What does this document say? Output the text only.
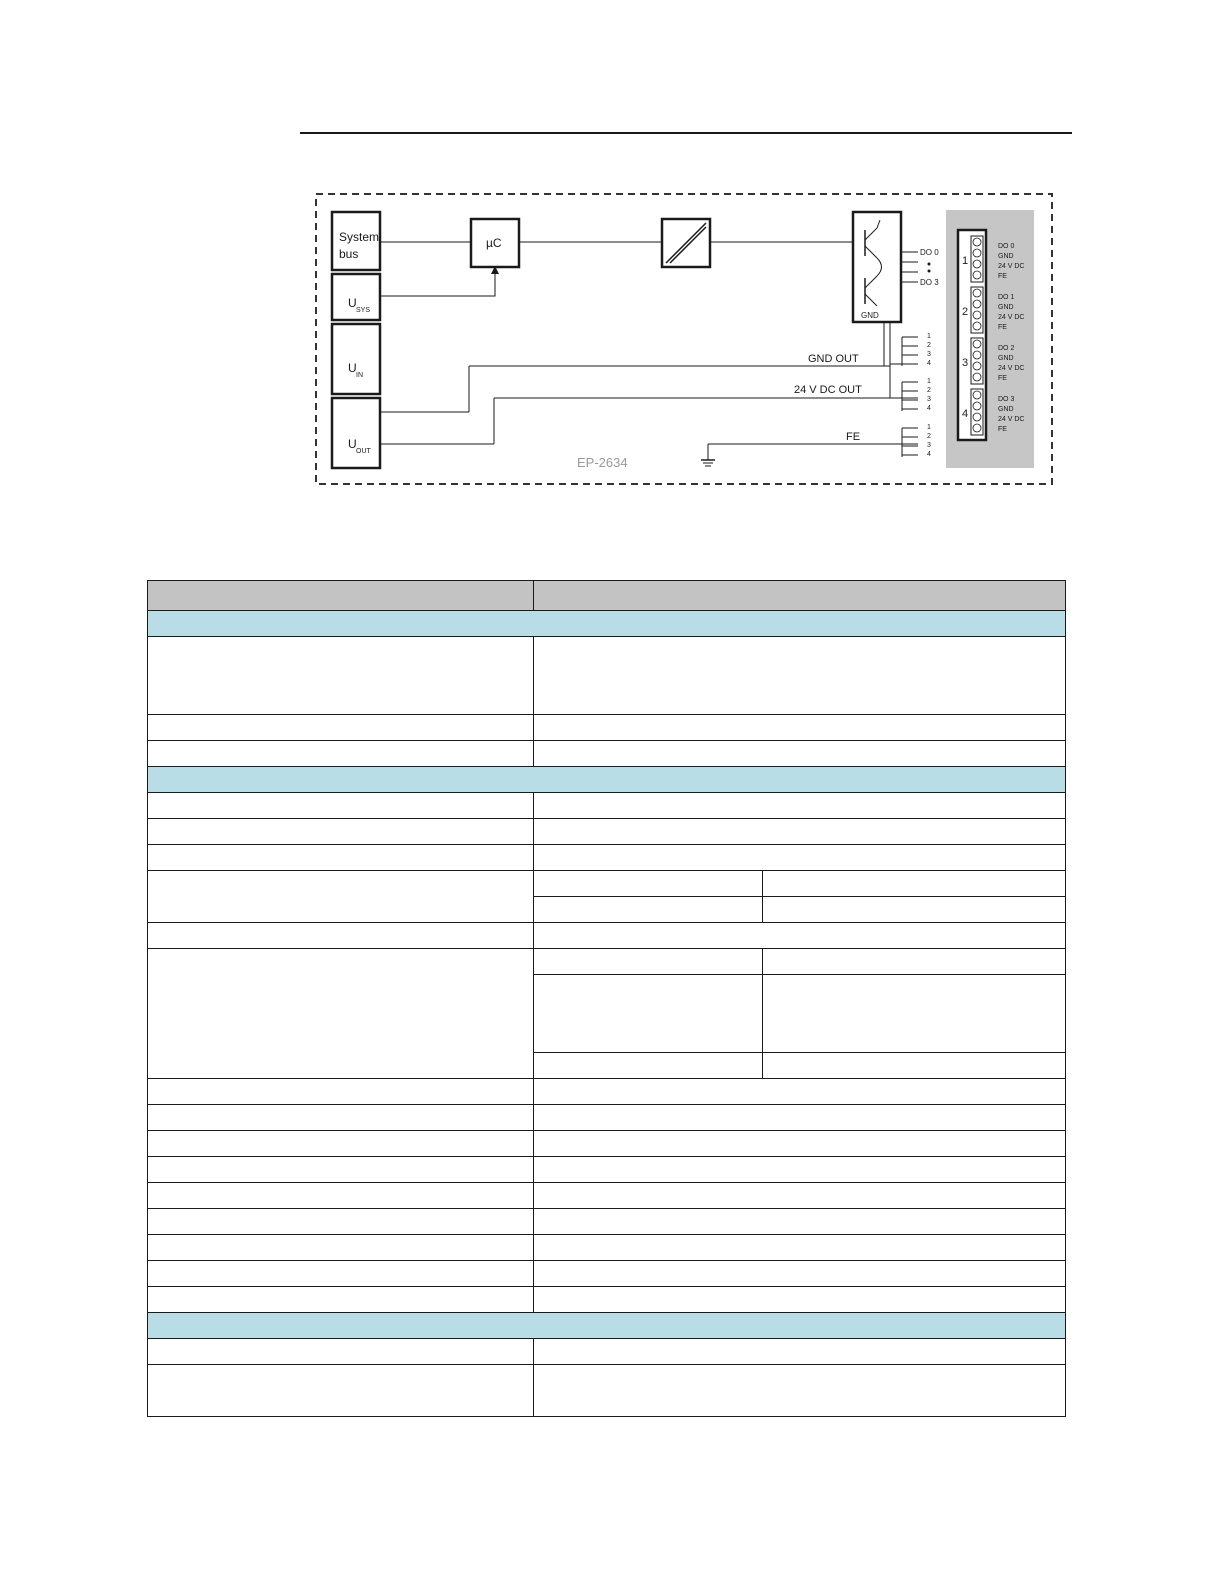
System
bus
U
SYS
U
IN
U
OUT
µC
GND
DO 0
DO 3
GND OUT
1
2
3
4
24 V DC OUT
1
2
3
4
FE
1
2
3
4
EP-2634
1
DO 0
GND
24 V DC
FE
2
DO 1
GND
24 V DC
FE
3
DO 2
GND
24 V DC
FE
4
DO 3
GND
24 V DC
FE
